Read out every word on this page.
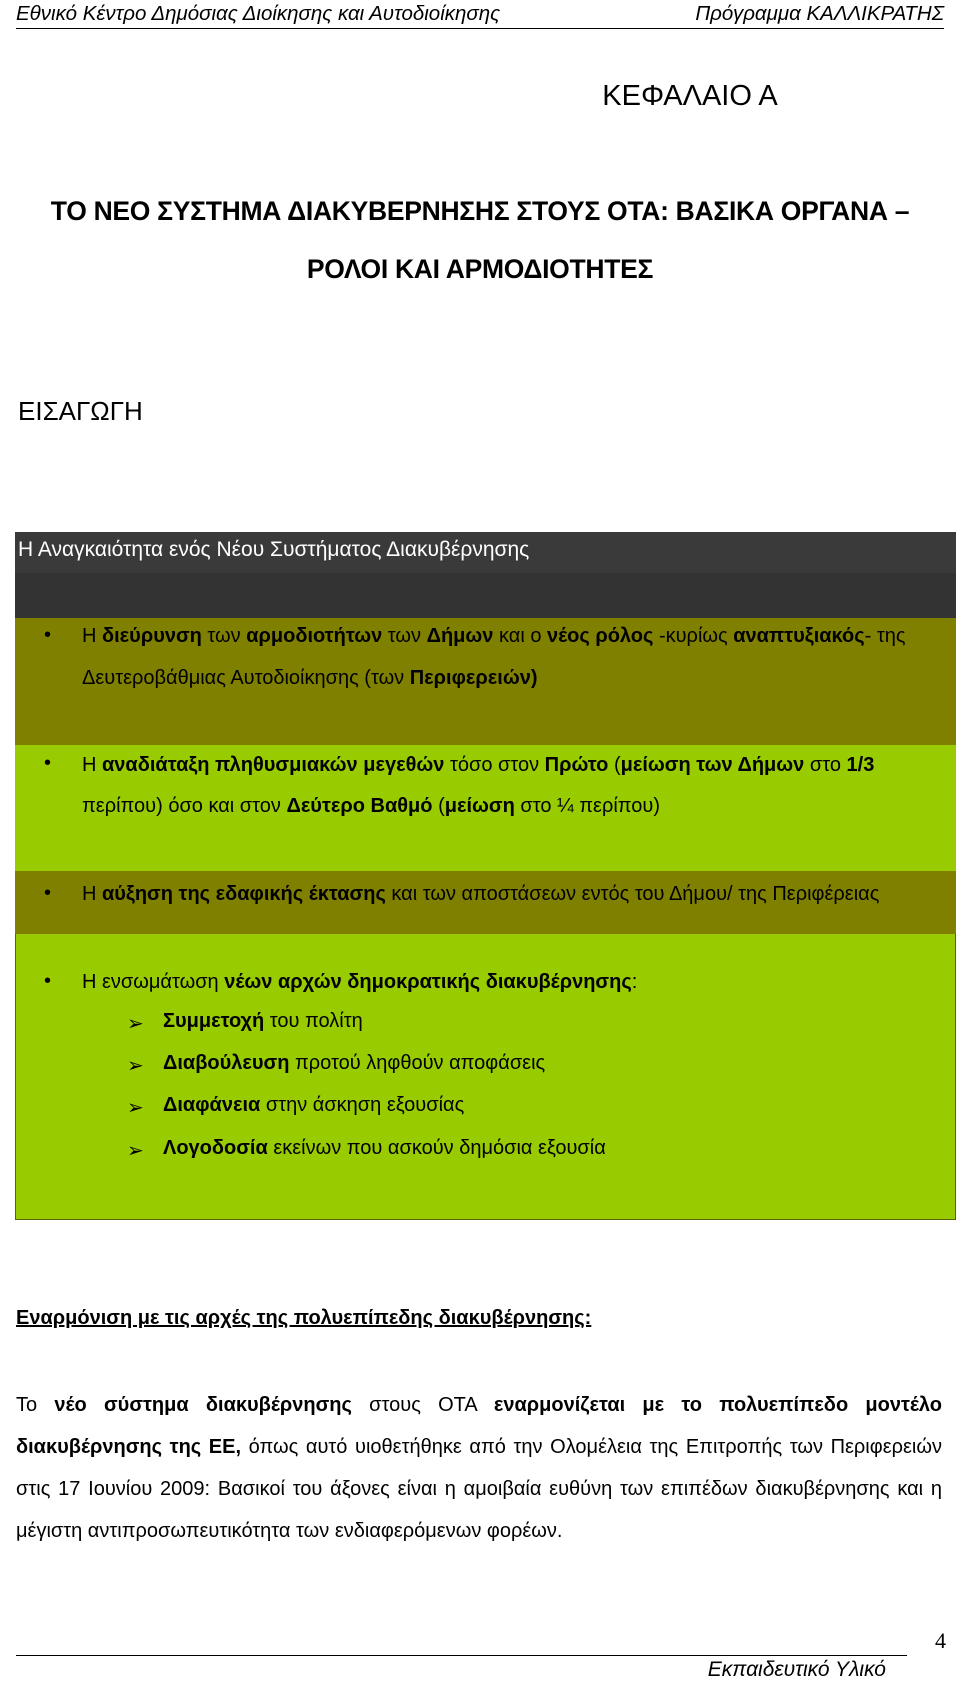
Εθνικό Κέντρο Δημόσιας Διοίκησης και Αυτοδιοίκησης	Πρόγραμμα ΚΑΛΛΙΚΡΑΤΗΣ
ΚΕΦΑΛΑΙΟ Α
ΤΟ ΝΕΟ ΣΥΣΤΗΜΑ ΔΙΑΚΥΒΕΡΝΗΣΗΣ ΣΤΟΥΣ ΟΤΑ: ΒΑΣΙΚΑ ΟΡΓΑΝΑ –
ΡΟΛΟΙ ΚΑΙ ΑΡΜΟΔΙΟΤΗΤΕΣ
ΕΙΣΑΓΩΓΗ
Η Αναγκαιότητα ενός Νέου Συστήματος Διακυβέρνησης
• Η διεύρυνση των αρμοδιοτήτων των Δήμων και ο νέος ρόλος -κυρίως αναπτυξιακός- της
Δευτεροβάθμιας Αυτοδιοίκησης (των Περιφερειών)
• Η αναδιάταξη πληθυσμιακών μεγεθών τόσο στον Πρώτο (μείωση των Δήμων στο 1/3
περίπου) όσο και στον Δεύτερο Βαθμό (μείωση στο ¼ περίπου)
• Η αύξηση της εδαφικής έκτασης και των αποστάσεων εντός του Δήμου/ της Περιφέρειας
• Η ενσωμάτωση νέων αρχών δημοκρατικής διακυβέρνησης:
➢ Συμμετοχή του πολίτη
➢ Διαβούλευση προτού ληφθούν αποφάσεις
➢ Διαφάνεια στην άσκηση εξουσίας
➢ Λογοδοσία εκείνων που ασκούν δημόσια εξουσία
Εναρμόνιση με τις αρχές της πολυεπίπεδης διακυβέρνησης:
Το νέο σύστημα διακυβέρνησης στους ΟΤΑ εναρμονίζεται με το πολυεπίπεδο μοντέλο
διακυβέρνησης της ΕΕ, όπως αυτό υιοθετήθηκε από την Ολομέλεια της Επιτροπής των Περιφερειών
στις 17 Ιουνίου 2009: Βασικοί του άξονες είναι η αμοιβαία ευθύνη των επιπέδων διακυβέρνησης και η
μέγιστη αντιπροσωπευτικότητα των ενδιαφερόμενων φορέων.
4
Εκπαιδευτικό Υλικό
